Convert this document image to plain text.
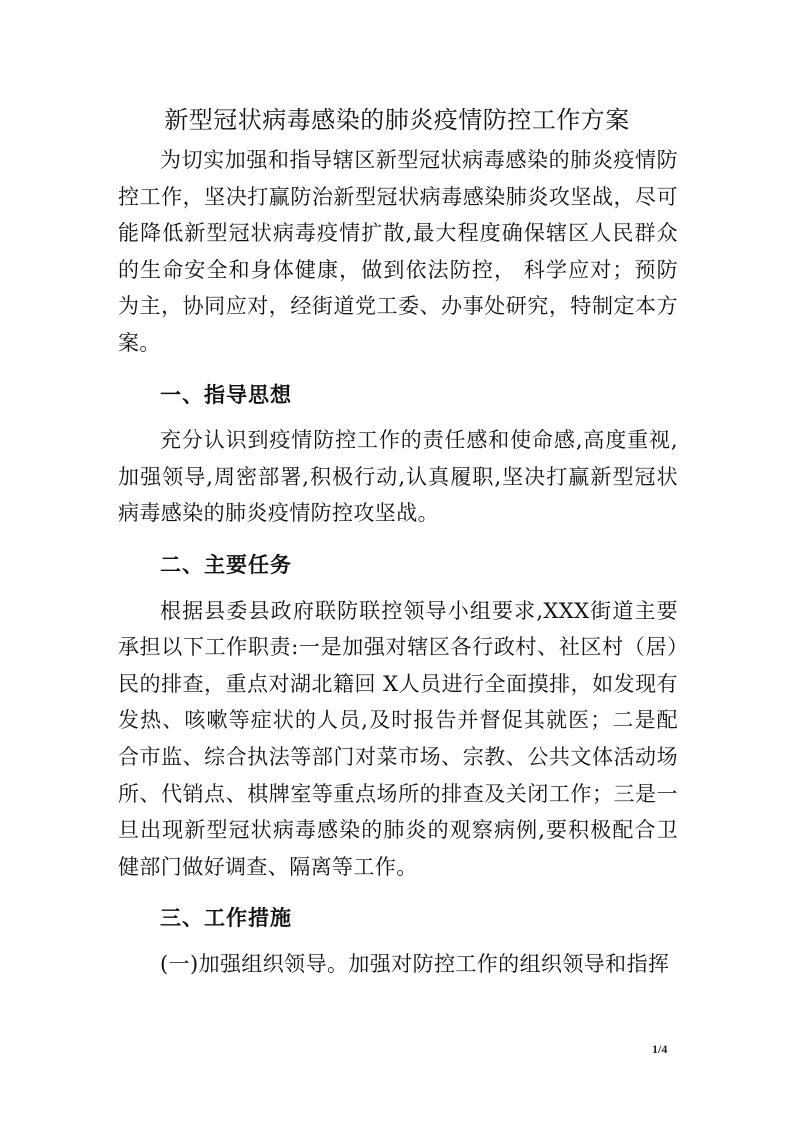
新型冠状病毒感染的肺炎疫情防控工作方案

为切实加强和指导辖区新型冠状病毒感染的肺炎疫情防控工作，坚决打赢防治新型冠状病毒感染肺炎攻坚战，尽可能降低新型冠状病毒疫情扩散,最大程度确保辖区人民群众的生命安全和身体健康，做到依法防控， 科学应对；预防为主，协同应对，经街道党工委、办事处研究，特制定本方案。

一、指导思想

充分认识到疫情防控工作的责任感和使命感,高度重视,加强领导,周密部署,积极行动,认真履职,坚决打赢新型冠状病毒感染的肺炎疫情防控攻坚战。

二、主要任务

根据县委县政府联防联控领导小组要求,XXX街道主要承担以下工作职责:一是加强对辖区各行政村、社区村（居）民的排查，重点对湖北籍回 X人员进行全面摸排，如发现有发热、咳嗽等症状的人员,及时报告并督促其就医；二是配合市监、综合执法等部门对菜市场、宗教、公共文体活动场所、代销点、棋牌室等重点场所的排查及关闭工作；三是一旦出现新型冠状病毒感染的肺炎的观察病例,要积极配合卫健部门做好调查、隔离等工作。

三、工作措施

(一)加强组织领导。加强对防控工作的组织领导和指挥

1/4
